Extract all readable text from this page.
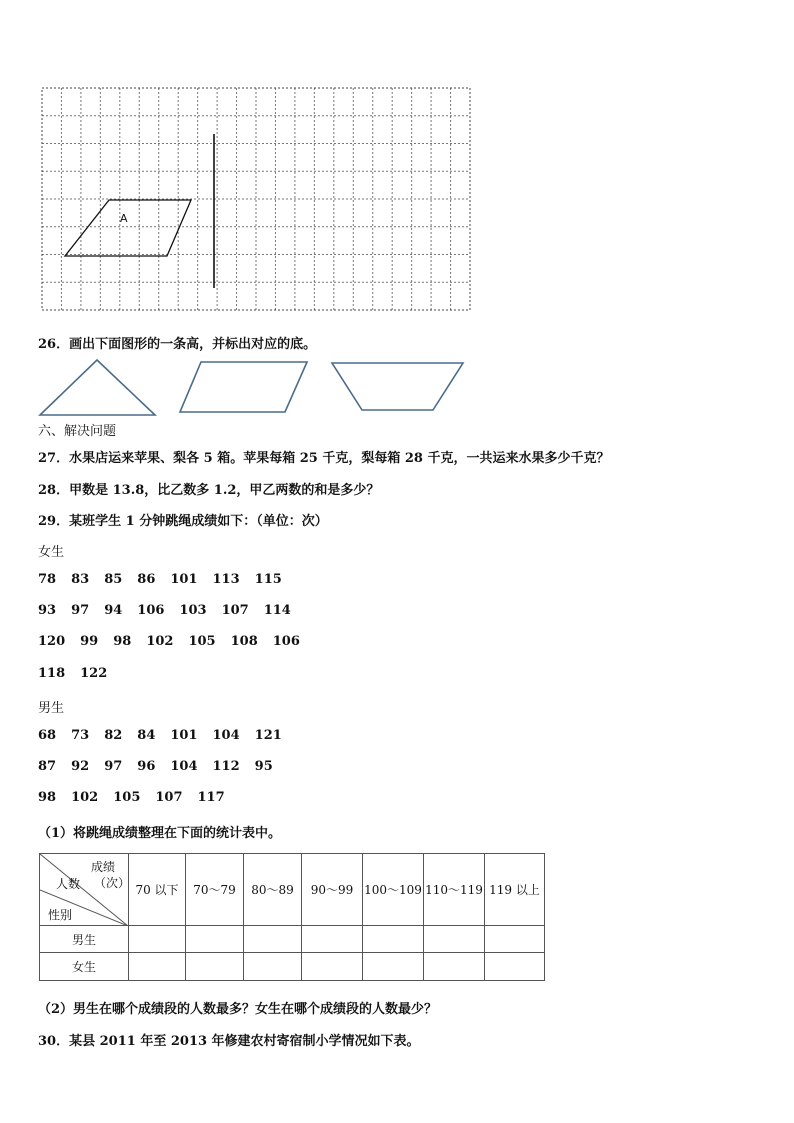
A
26．画出下面图形的一条高，并标出对应的底。
六、解决问题
27．水果店运来苹果、梨各 5 箱。苹果每箱 25 千克，梨每箱 28 千克，一共运来水果多少千克？
28．甲数是 13.8，比乙数多 1.2，甲乙两数的和是多少？
29．某班学生 1 分钟跳绳成绩如下：（单位：次）
女生
78 83 85 86 101 113 115
93 97 94 106 103 107 114
120 99 98 102 105 108 106
118 122
男生
68 73 82 84 101 104 121
87 92 97 96 104 112 95
98 102 105 107 117
（1）将跳绳成绩整理在下面的统计表中。
成绩
（次）
人数
性别	70 以下	70～79	80～89	90～99	100～109	110～119	119 以上
男生							
女生							
（2）男生在哪个成绩段的人数最多？女生在哪个成绩段的人数最少？
30．某县 2011 年至 2013 年修建农村寄宿制小学情况如下表。
